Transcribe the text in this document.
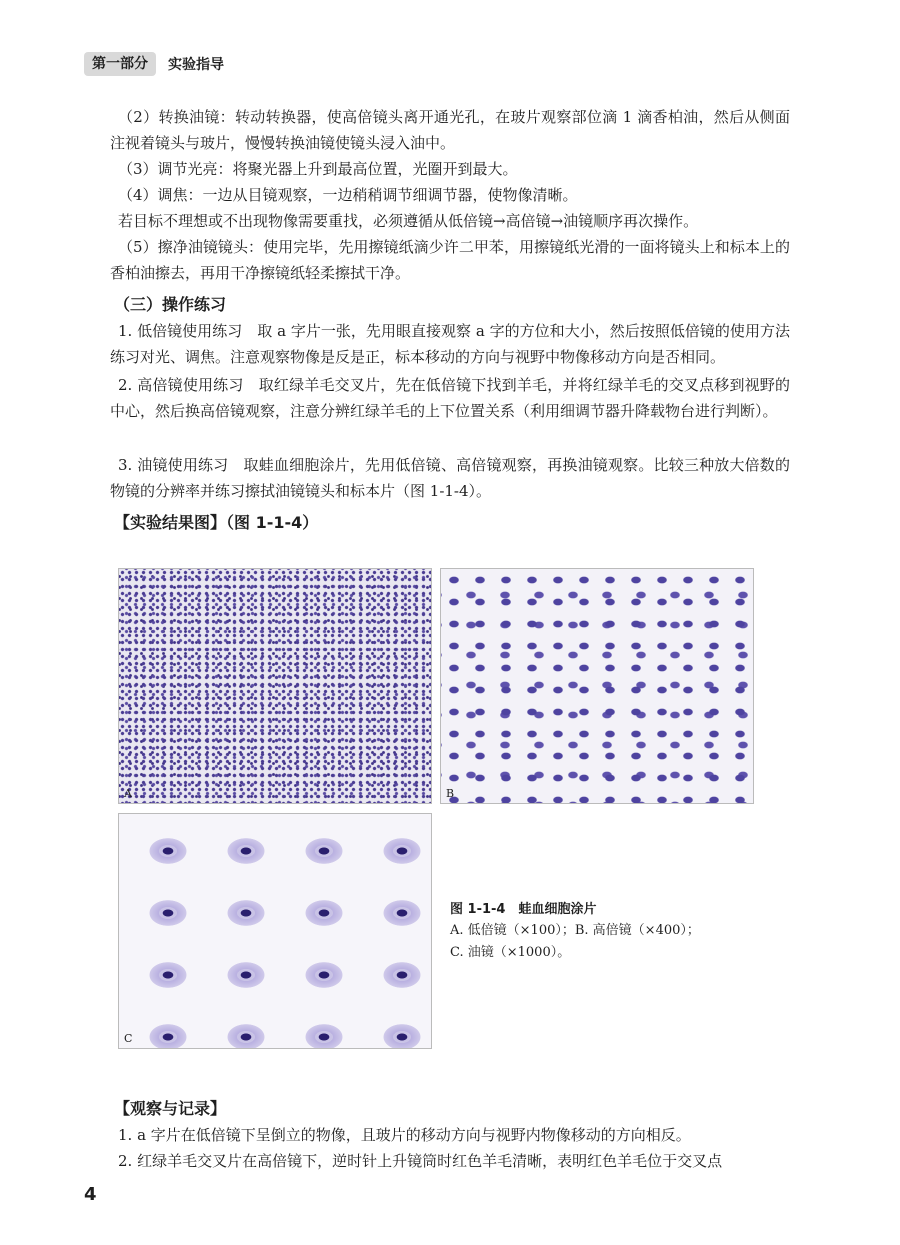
第一部分	实验指导

（2）转换油镜：转动转换器，使高倍镜头离开通光孔，在玻片观察部位滴 1 滴香柏油，然后从侧面注视着镜头与玻片，慢慢转换油镜使镜头浸入油中。

（3）调节光亮：将聚光器上升到最高位置，光圈开到最大。

（4）调焦：一边从目镜观察，一边稍稍调节细调节器，使物像清晰。

若目标不理想或不出现物像需要重找，必须遵循从低倍镜→高倍镜→油镜顺序再次操作。

（5）擦净油镜镜头：使用完毕，先用擦镜纸滴少许二甲苯，用擦镜纸光滑的一面将镜头上和标本上的香柏油擦去，再用干净擦镜纸轻柔擦拭干净。

（三）操作练习

1. 低倍镜使用练习　取 a 字片一张，先用眼直接观察 a 字的方位和大小，然后按照低倍镜的使用方法练习对光、调焦。注意观察物像是反是正，标本移动的方向与视野中物像移动方向是否相同。

2. 高倍镜使用练习　取红绿羊毛交叉片，先在低倍镜下找到羊毛，并将红绿羊毛的交叉点移到视野的中心，然后换高倍镜观察，注意分辨红绿羊毛的上下位置关系（利用细调节器升降载物台进行判断）。

3. 油镜使用练习　取蛙血细胞涂片，先用低倍镜、高倍镜观察，再换油镜观察。比较三种放大倍数的物镜的分辨率并练习擦拭油镜镜头和标本片（图 1-1-4）。

【实验结果图】（图 1-1-4）
A	B
C
图 1-1-4　蛙血细胞涂片
A. 低倍镜（×100）；B. 高倍镜（×400）；
C. 油镜（×1000）。
【观察与记录】

1. a 字片在低倍镜下呈倒立的物像，且玻片的移动方向与视野内物像移动的方向相反。

2. 红绿羊毛交叉片在高倍镜下，逆时针上升镜筒时红色羊毛清晰，表明红色羊毛位于交叉点

4
